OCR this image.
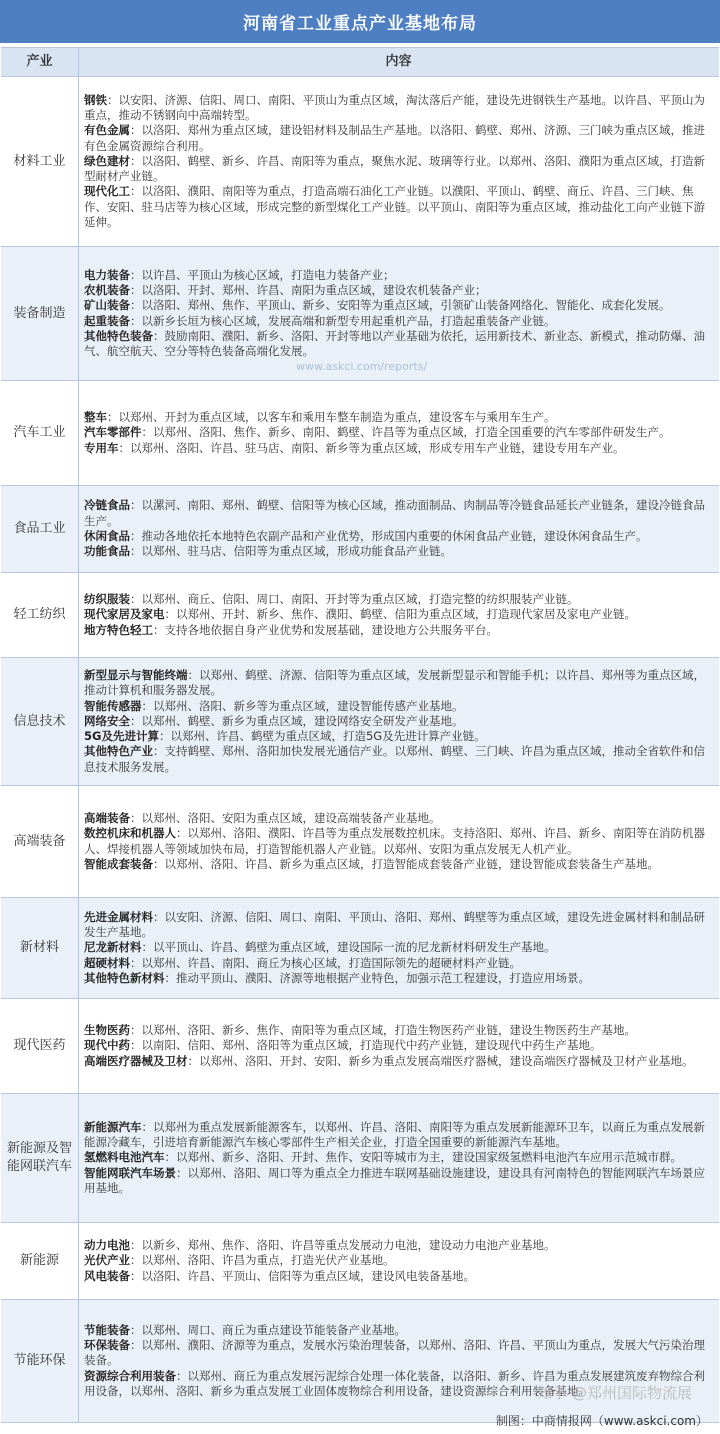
河南省工业重点产业基地布局
产业	内容
材料工业

钢铁：以安阳、济源、信阳、周口、南阳、平顶山为重点区域，淘汰落后产能，建设先进钢铁生产基地。以许昌、平顶山为重点，推动不锈钢向中高端转型。

有色金属：以洛阳、郑州为重点区域，建设铝材料及制品生产基地。以洛阳、鹤壁、郑州、济源、三门峡为重点区域，推进有色金属资源综合利用。

绿色建材：以洛阳、鹤壁、新乡、许昌、南阳等为重点，聚焦水泥、玻璃等行业。以郑州、洛阳、濮阳为重点区域，打造新型耐材产业链。

现代化工：以洛阳、濮阳、南阳等为重点，打造高端石油化工产业链。以濮阳、平顶山、鹤壁、商丘、许昌、三门峡、焦作、安阳、驻马店等为核心区域，形成完整的新型煤化工产业链。以平顶山、南阳等为重点区域，推动盐化工向产业链下游延伸。

装备制造

电力装备：以许昌、平顶山为核心区域，打造电力装备产业；

农机装备：以洛阳、开封、郑州、许昌、南阳为重点区域，建设农机装备产业；

矿山装备：以洛阳、郑州、焦作、平顶山、新乡、安阳等为重点区域，引领矿山装备网络化、智能化、成套化发展。

起重装备：以新乡长垣为核心区域，发展高端和新型专用起重机产品，打造起重装备产业链。

其他特色装备：鼓励南阳、濮阳、新乡、洛阳、开封等地以产业基础为依托，运用新技术、新业态、新模式，推动防爆、油气、航空航天、空分等特色装备高端化发展。

汽车工业

整车：以郑州、开封为重点区域，以客车和乘用车整车制造为重点，建设客车与乘用车生产。

汽车零部件：以郑州、洛阳、焦作、新乡、南阳、鹤壁、许昌等为重点区域，打造全国重要的汽车零部件研发生产。

专用车：以郑州、洛阳、许昌、驻马店、南阳、新乡等为重点区域，形成专用车产业链，建设专用车产业。

食品工业

冷链食品：以漯河、南阳、郑州、鹤壁、信阳等为核心区域，推动面制品、肉制品等冷链食品延长产业链条，建设冷链食品生产。

休闲食品：推动各地依托本地特色农副产品和产业优势，形成国内重要的休闲食品产业链，建设休闲食品生产。

功能食品：以郑州、驻马店、信阳等为重点区域，形成功能食品产业链。

轻工纺织

纺织服装：以郑州、商丘、信阳、周口、南阳、开封等为重点区域，打造完整的纺织服装产业链。

现代家居及家电：以郑州、开封、新乡、焦作、濮阳、鹤壁、信阳为重点区域，打造现代家居及家电产业链。

地方特色轻工：支持各地依据自身产业优势和发展基础，建设地方公共服务平台。

信息技术

新型显示与智能终端：以郑州、鹤壁、济源、信阳等为重点区域，发展新型显示和智能手机；以许昌、郑州等为重点区域，推动计算机和服务器发展。

智能传感器：以郑州、洛阳、新乡等为重点区域，建设智能传感产业基地。

网络安全：以郑州、鹤壁、新乡为重点区域，建设网络安全研发产业基地。

5G及先进计算：以郑州、许昌、鹤壁为重点区域，打造5G及先进计算产业链。

其他特色产业：支持鹤壁、郑州、洛阳加快发展光通信产业。以郑州、鹤壁、三门峡、许昌为重点区域，推动全省软件和信息技术服务发展。

高端装备

高端装备：以郑州、洛阳、安阳为重点区域，建设高端装备产业基地。

数控机床和机器人：以郑州、洛阳、濮阳、许昌等为重点发展数控机床。支持洛阳、郑州、许昌、新乡、南阳等在消防机器人、焊接机器人等领域加快布局，打造智能机器人产业链。以郑州、安阳为重点发展无人机产业。

智能成套装备：以郑州、洛阳、许昌、新乡为重点区域，打造智能成套装备产业链，建设智能成套装备生产基地。

新材料

先进金属材料：以安阳、济源、信阳、周口、南阳、平顶山、洛阳、郑州、鹤壁等为重点区域，建设先进金属材料和制品研发生产基地。

尼龙新材料：以平顶山、许昌、鹤壁为重点区域，建设国际一流的尼龙新材料研发生产基地。

超硬材料：以郑州、许昌、南阳、商丘为核心区域，打造国际领先的超硬材料产业链。

其他特色新材料：推动平顶山、濮阳、济源等地根据产业特色，加强示范工程建设，打造应用场景。

现代医药

生物医药：以郑州、洛阳、新乡、焦作、南阳等为重点区域，打造生物医药产业链，建设生物医药生产基地。

现代中药：以南阳、信阳、郑州、洛阳等为重点区域，打造现代中药产业链，建设现代中药生产基地。

高端医疗器械及卫材：以郑州、洛阳、开封、安阳、新乡为重点发展高端医疗器械，建设高端医疗器械及卫材产业基地。

新能源及智能网联汽车

新能源汽车：以郑州为重点发展新能源客车，以郑州、许昌、洛阳、南阳等为重点发展新能源环卫车，以商丘为重点发展新能源冷藏车，引进培育新能源汽车核心零部件生产相关企业，打造全国重要的新能源汽车基地。

氢燃料电池汽车：以郑州、新乡、洛阳、开封、焦作、安阳等城市为主，建设国家级氢燃料电池汽车应用示范城市群。

智能网联汽车场景：以郑州、洛阳、周口等为重点全力推进车联网基础设施建设，建设具有河南特色的智能网联汽车场景应用基地。

新能源

动力电池：以新乡、郑州、焦作、洛阳、许昌等重点发展动力电池，建设动力电池产业基地。

光伏产业：以郑州、洛阳、许昌为重点，打造光伏产业基地。

风电装备：以洛阳、许昌、平顶山、信阳等为重点区域，建设风电装备基地。

节能环保

节能装备：以郑州、周口、商丘为重点建设节能装备产业基地。

环保装备：以郑州、濮阳、济源等为重点，发展水污染治理装备，以郑州、洛阳、许昌、平顶山为重点，发展大气污染治理装备。

资源综合利用装备：以郑州、商丘为重点发展污泥综合处理一体化装备，以洛阳、新乡、许昌为重点发展建筑废弃物综合利用设备，以郑州、洛阳、新乡为重点发展工业固体废物综合利用设备，建设资源综合利用装备基地。

www.askci.com/reports/
知乎 @郑州国际物流展
制图：中商情报网（www.askci.com）
